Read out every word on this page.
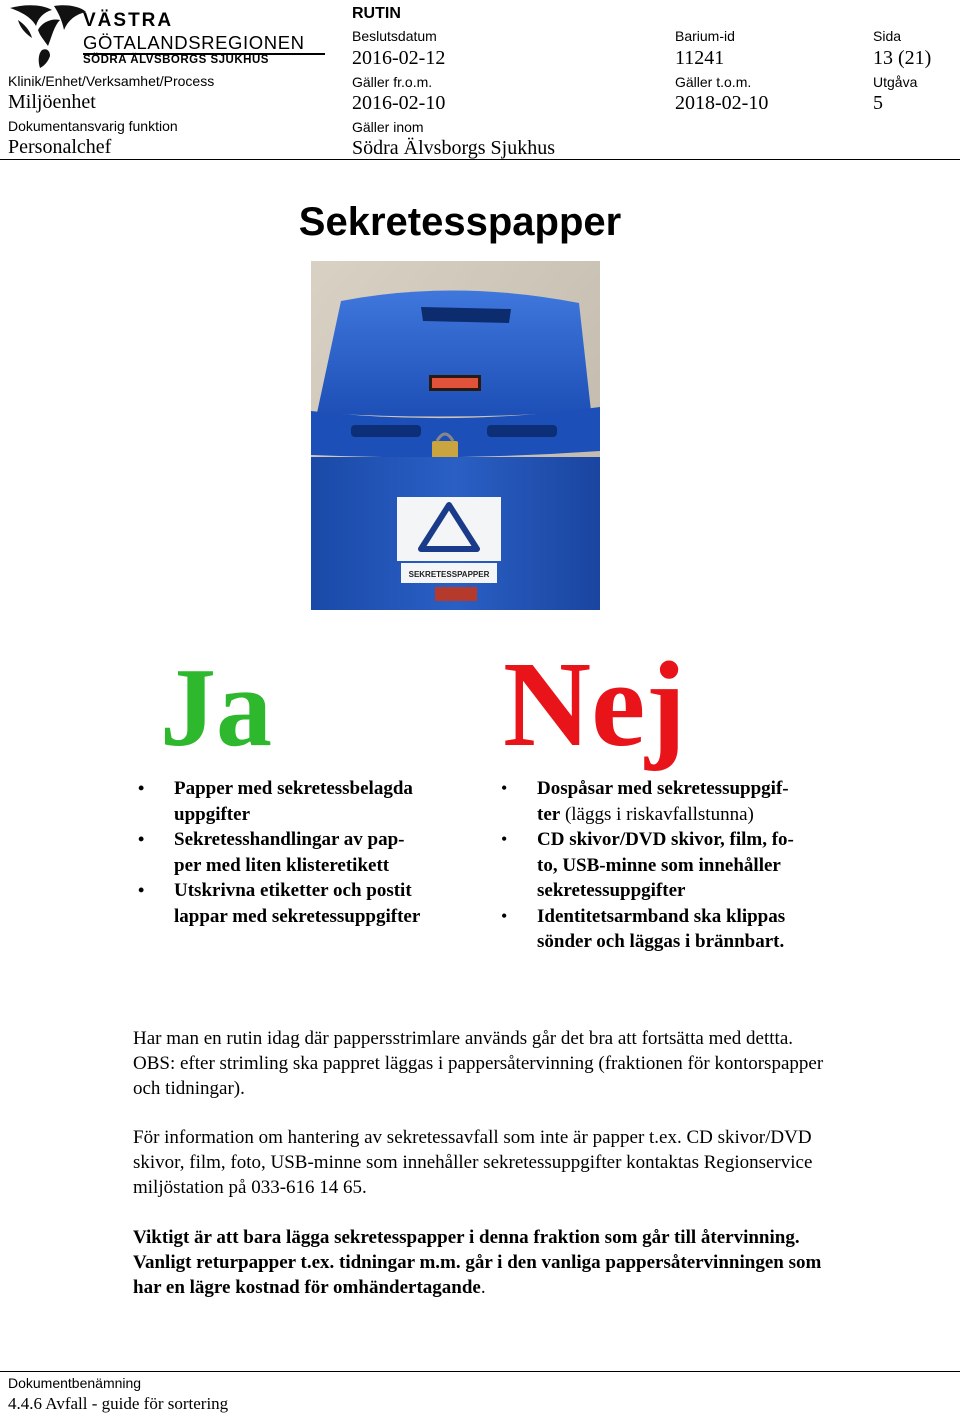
VÄSTRA
GÖTALANDSREGIONEN
SÖDRA ÄLVSBORGS SJUKHUS
RUTIN
Beslutsdatum
2016-02-12
Barium-id
11241
Sida
13 (21)
Klinik/Enhet/Verksamhet/Process
Miljöenhet
Gäller fr.o.m.
2016-02-10
Gäller t.o.m.
2018-02-10
Utgåva
5
Dokumentansvarig funktion
Personalchef
Gäller inom
Södra Älvsborgs Sjukhus
Sekretesspapper
SEKRETESSPAPPER
Ja Nej
• Papper med sekretessbelagda
uppgifter
• Sekretesshandlingar av pap-
per med liten klisteretikett
• Utskrivna etiketter och postit
lappar med sekretessuppgifter
• Dospåsar med sekretessuppgif-
ter (läggs i riskavfallstunna)
• CD skivor/DVD skivor, film, fo-
to, USB-minne som innehåller
sekretessuppgifter
• Identitetsarmband ska klippas
sönder och läggas i brännbart.
Har man en rutin idag där pappersstrimlare används går det bra att fortsätta med dettta.
OBS: efter strimling ska pappret läggas i pappersåtervinning (fraktionen för kontorspapper
och tidningar).
För information om hantering av sekretessavfall som inte är papper t.ex. CD skivor/DVD
skivor, film, foto, USB-minne som innehåller sekretessuppgifter kontaktas Regionservice
miljöstation på 033-616 14 65.
Viktigt är att bara lägga sekretesspapper i denna fraktion som går till återvinning.
Vanligt returpapper t.ex. tidningar m.m. går i den vanliga pappersåtervinningen som
har en lägre kostnad för omhändertagande.
Dokumentbenämning
4.4.6 Avfall - guide för sortering
